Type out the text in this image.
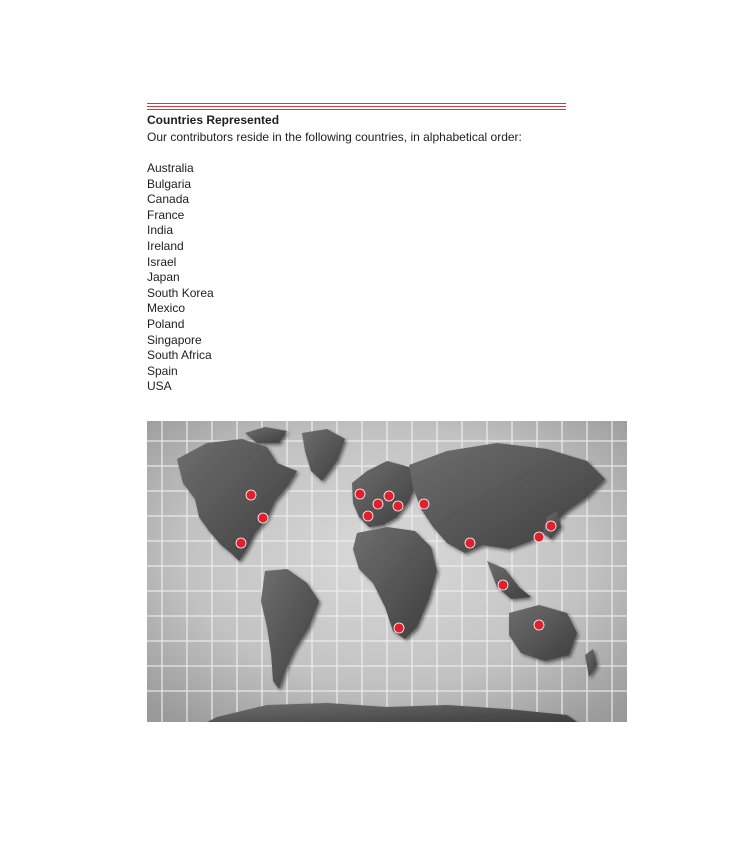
Countries Represented

Our contributors reside in the following countries, in alphabetical order:

Australia
Bulgaria
Canada
France
India
Ireland
Israel
Japan
South Korea
Mexico
Poland
Singapore
South Africa
Spain
USA
